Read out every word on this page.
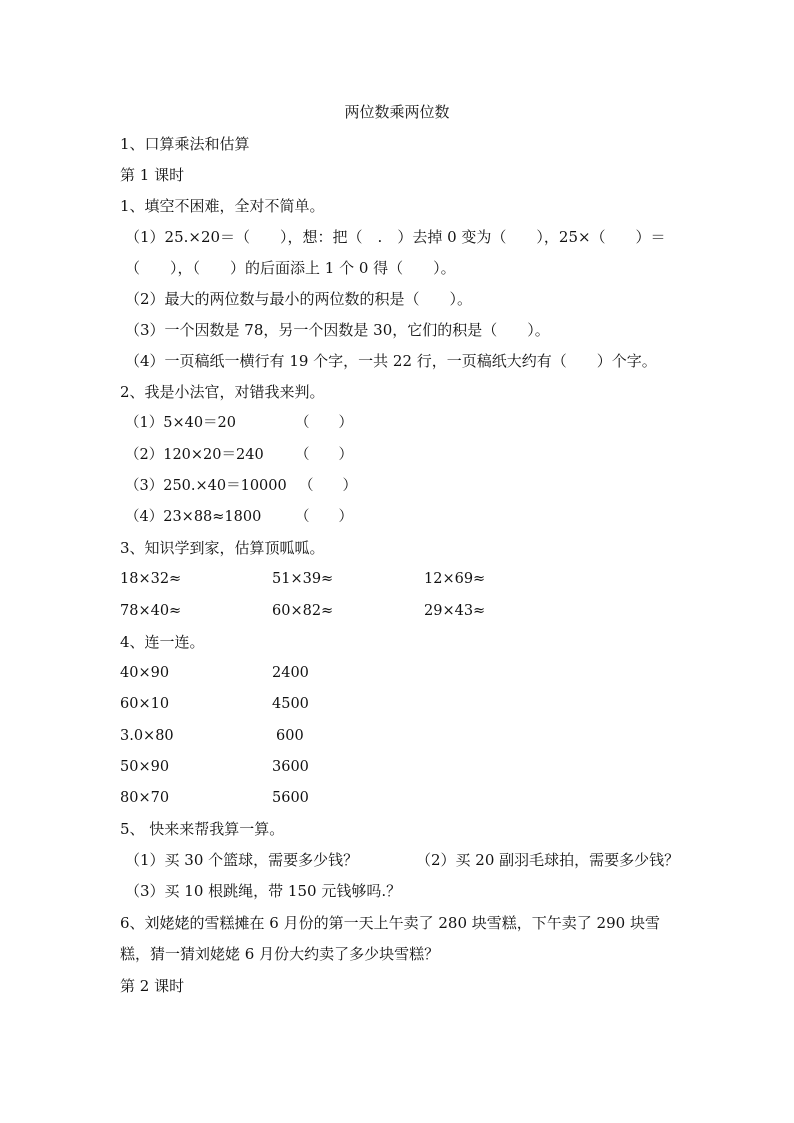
两位数乘两位数
1、口算乘法和估算
第 1 课时
1、填空不困难，全对不简单。
（1）25.×20＝（　　），想：把（　.　）去掉 0 变为（　　），25×（　　）＝
（　　），（　　）的后面添上 1 个 0 得（　　）。
（2）最大的两位数与最小的两位数的积是（　　）。
（3）一个因数是 78，另一个因数是 30，它们的积是（　　）。
（4）一页稿纸一横行有 19 个字，一共 22 行，一页稿纸大约有（　　）个字。
2、我是小法官，对错我来判。
（1）5×40＝20	（　　）
（2）120×20＝240 （　　）
（3）250.×40＝10000 （　　）
（4）23×88≈1800 （　　）
3、知识学到家，估算顶呱呱。
18×32≈	51×39≈	12×69≈
78×40≈	60×82≈	29×43≈
4、连一连。
40×90	2400
60×10	4500
3.0×80	600
50×90	3600
80×70	5600
5、 快来来帮我算一算。
（1）买 30 个篮球，需要多少钱？	（2）买 20 副羽毛球拍，需要多少钱？
（3）买 10 根跳绳，带 150 元钱够吗.？
6、刘姥姥的雪糕摊在 6 月份的第一天上午卖了 280 块雪糕，下午卖了 290 块雪
糕，猜一猜刘姥姥 6 月份大约卖了多少块雪糕？
第 2 课时
